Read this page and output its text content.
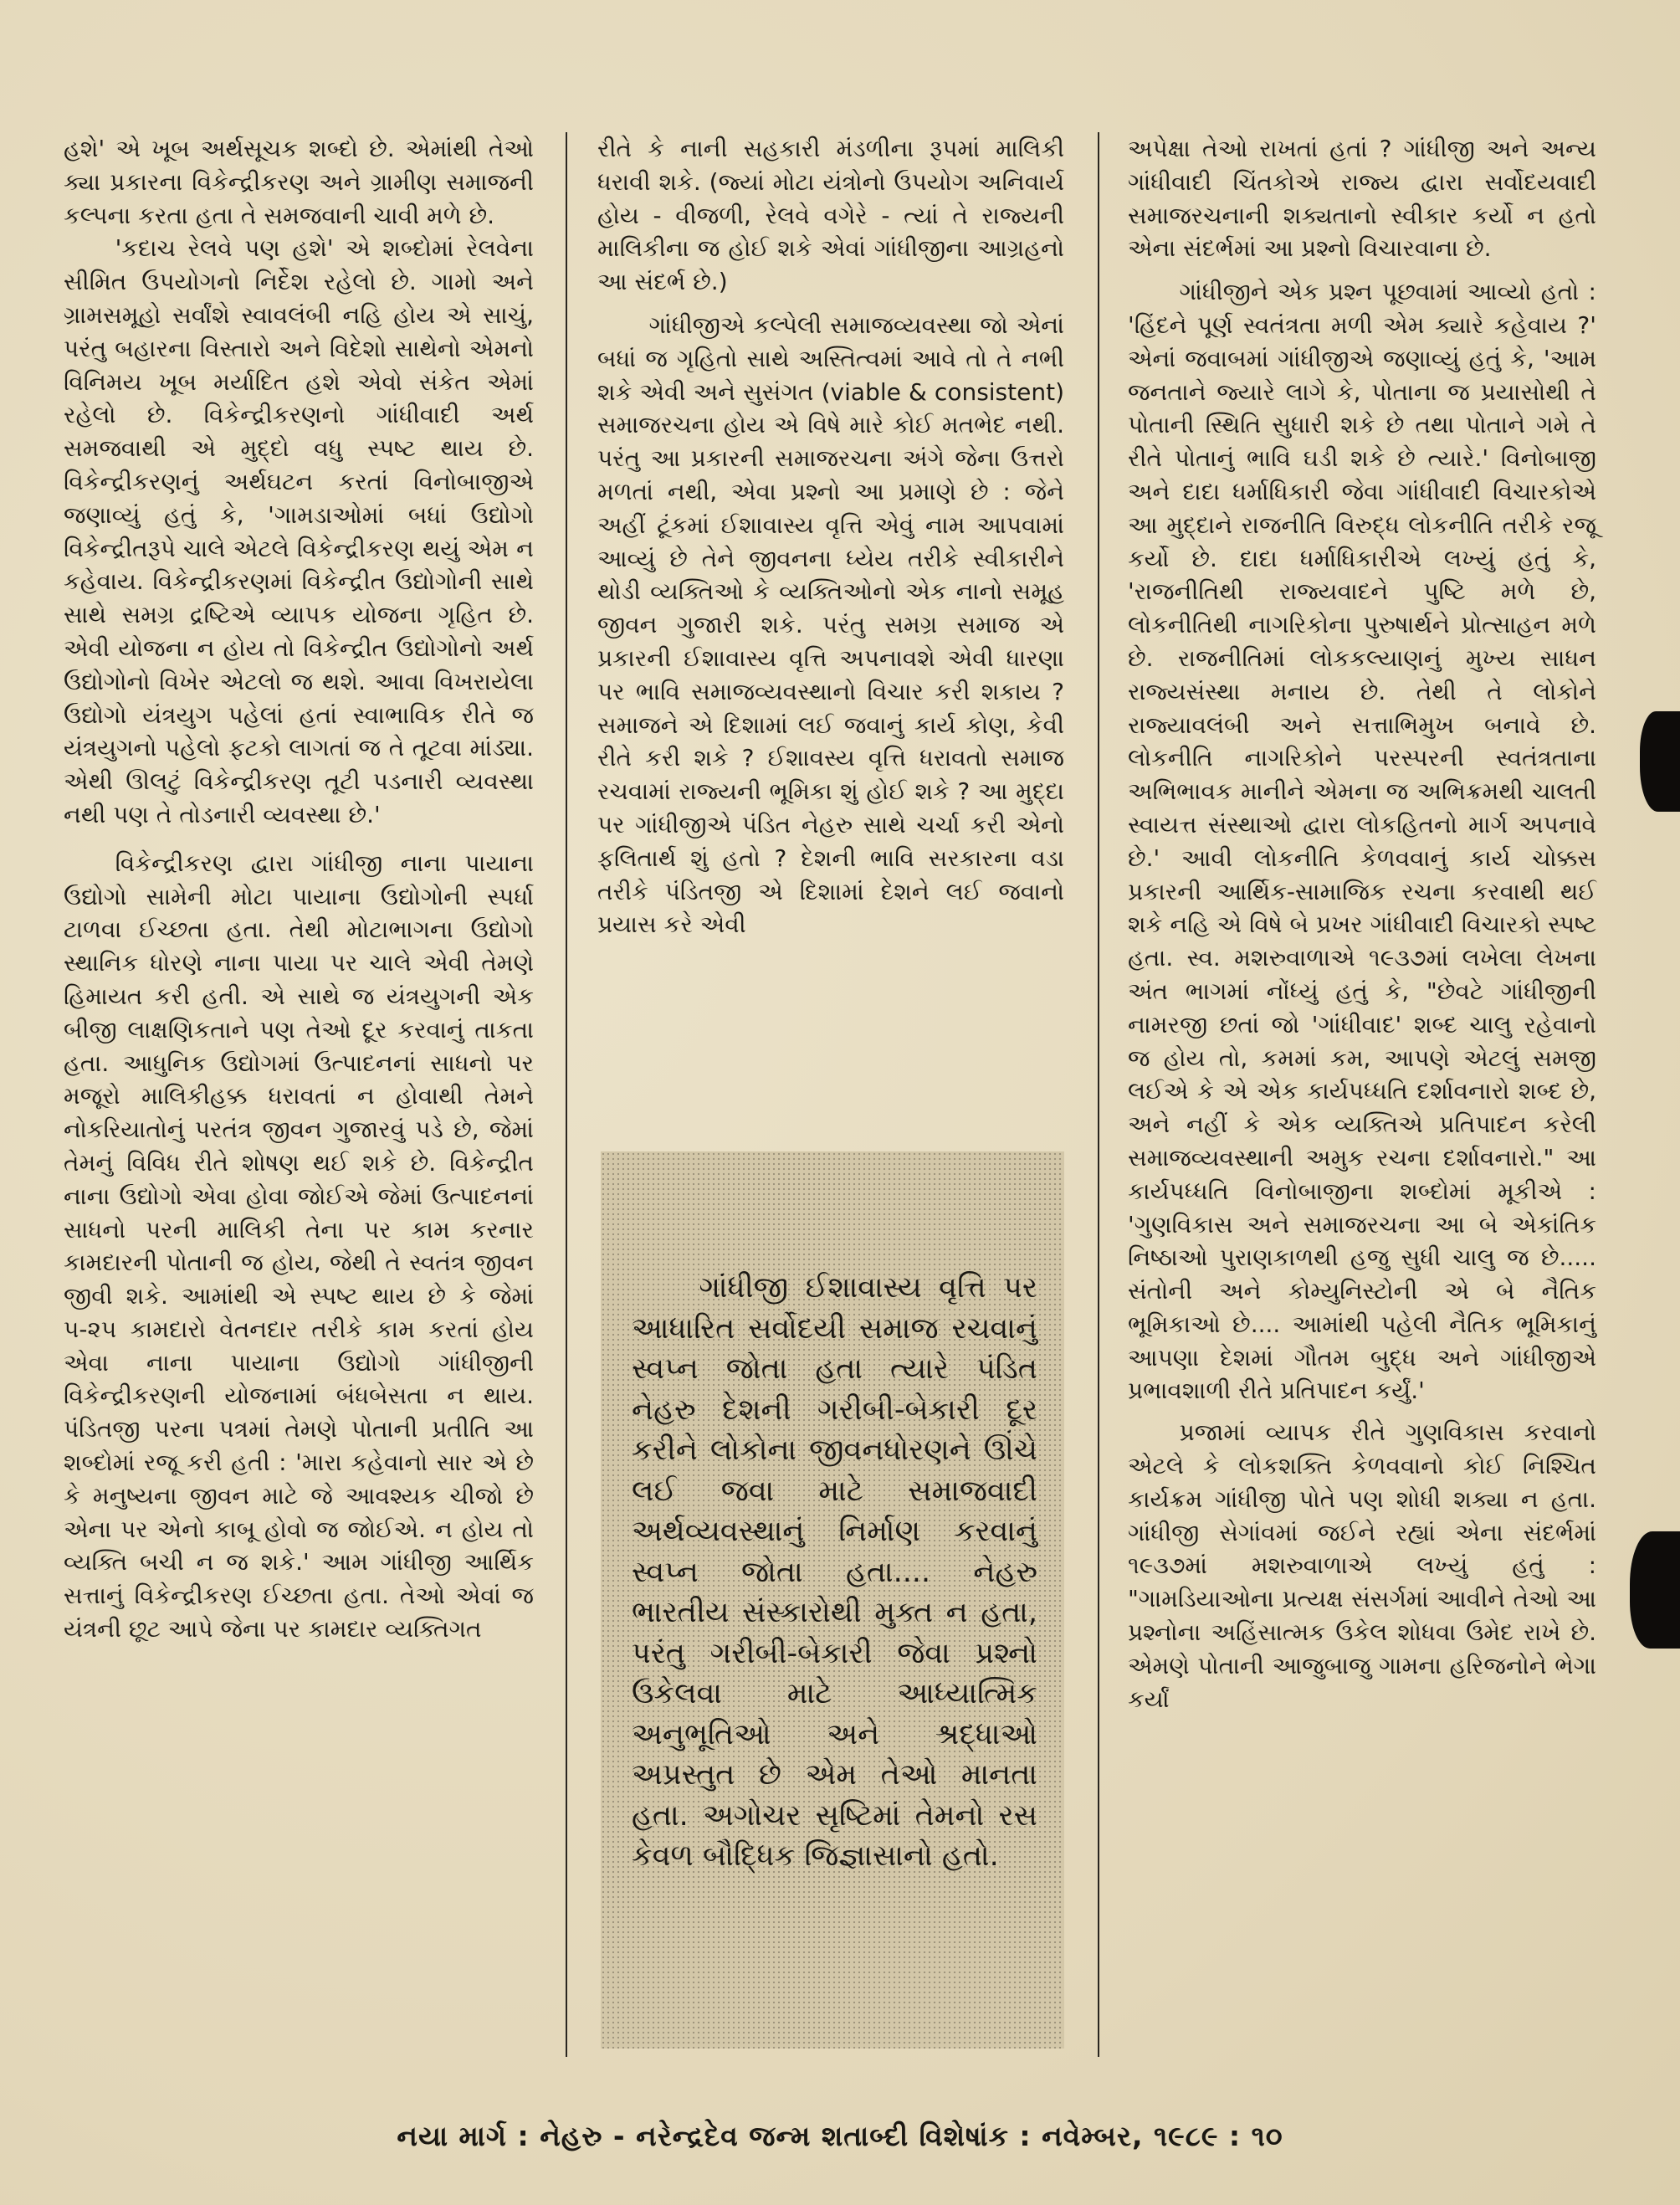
હશે' એ ખૂબ અર્થસૂચક શબ્દો છે. એમાંથી તેઓ ક્યા પ્રકારના વિકેન્દ્રીકરણ અને ગ્રામીણ સમાજની કલ્પના કરતા હતા તે સમજવાની ચાવી મળે છે.

'કદાચ રેલવે પણ હશે' એ શબ્દોમાં રેલવેના સીમિત ઉપયોગનો નિર્દેશ રહેલો છે. ગામો અને ગ્રામસમૂહો સર્વાંશે સ્વાવલંબી નહિ હોય એ સાચું, પરંતુ બહારના વિસ્તારો અને વિદેશો સાથેનો એમનો વિનિમય ખૂબ મર્યાદિત હશે એવો સંકેત એમાં રહેલો છે. વિકેન્દ્રીકરણનો ગાંધીવાદી અર્થ સમજવાથી એ મુદ્દો વધુ સ્પષ્ટ થાય છે. વિકેન્દ્રીકરણનું અર્થઘટન કરતાં વિનોબાજીએ જણાવ્યું હતું કે, 'ગામડાઓમાં બધાં ઉદ્યોગો વિકેન્દ્રીતરૂપે ચાલે એટલે વિકેન્દ્રીકરણ થયું એમ ન કહેવાય. વિકેન્દ્રીકરણમાં વિકેન્દ્રીત ઉદ્યોગોની સાથે સાથે સમગ્ર દ્રષ્ટિએ વ્યાપક યોજના ગૃહિત છે. એવી યોજના ન હોય તો વિકેન્દ્રીત ઉદ્યોગોનો અર્થ ઉદ્યોગોનો વિખેર એટલો જ થશે. આવા વિખરાયેલા ઉદ્યોગો યંત્રયુગ પહેલાં હતાં સ્વાભાવિક રીતે જ યંત્રયુગનો પહેલો ફટકો લાગતાં જ તે તૂટવા માંડ્યા. એથી ઊલટું વિકેન્દ્રીકરણ તૂટી પડનારી વ્યવસ્થા નથી પણ તે તોડનારી વ્યવસ્થા છે.'

વિકેન્દ્રીકરણ દ્વારા ગાંધીજી નાના પાયાના ઉદ્યોગો સામેની મોટા પાયાના ઉદ્યોગોની સ્પર્ધા ટાળવા ઈચ્છતા હતા. તેથી મોટાભાગના ઉદ્યોગો સ્થાનિક ધોરણે નાના પાયા પર ચાલે એવી તેમણે હિમાયત કરી હતી. એ સાથે જ યંત્રયુગની એક બીજી લાક્ષણિકતાને પણ તેઓ દૂર કરવાનું તાકતા હતા. આધુનિક ઉદ્યોગમાં ઉત્પાદનનાં સાધનો પર મજૂરો માલિકીહક્ક ધરાવતાં ન હોવાથી તેમને નોકરિયાતોનું પરતંત્ર જીવન ગુજારવું પડે છે, જેમાં તેમનું વિવિધ રીતે શોષણ થઈ શકે છે. વિકેન્દ્રીત નાના ઉદ્યોગો એવા હોવા જોઈએ જેમાં ઉત્પાદનનાં સાધનો પરની માલિકી તેના પર કામ કરનાર કામદારની પોતાની જ હોય, જેથી તે સ્વતંત્ર જીવન જીવી શકે. આમાંથી એ સ્પષ્ટ થાય છે કે જેમાં ૫-૨૫ કામદારો વેતનદાર તરીકે કામ કરતાં હોય એવા નાના પાયાના ઉદ્યોગો ગાંધીજીની વિકેન્દ્રીકરણની યોજનામાં બંધબેસતા ન થાય. પંડિતજી પરના પત્રમાં તેમણે પોતાની પ્રતીતિ આ શબ્દોમાં રજૂ કરી હતી : 'મારા કહેવાનો સાર એ છે કે મનુષ્યના જીવન માટે જે આવશ્યક ચીજો છે એના પર એનો કાબૂ હોવો જ જોઈએ. ન હોય તો વ્યક્તિ બચી ન જ શકે.' આમ ગાંધીજી આર્થિક સત્તાનું વિકેન્દ્રીકરણ ઈચ્છતા હતા. તેઓ એવાં જ યંત્રની છૂટ આપે જેના પર કામદાર વ્યક્તિગત

રીતે કે નાની સહકારી મંડળીના રૂપમાં માલિકી ધરાવી શકે. (જ્યાં મોટા યંત્રોનો ઉપયોગ અનિવાર્ય હોય - વીજળી, રેલવે વગેરે - ત્યાં તે રાજ્યની માલિકીના જ હોઈ શકે એવાં ગાંધીજીના આગ્રહનો આ સંદર્ભ છે.)

ગાંધીજીએ કલ્પેલી સમાજવ્યવસ્થા જો એનાં બધાં જ ગૃહિતો સાથે અસ્તિત્વમાં આવે તો તે નભી શકે એવી અને સુસંગત (viable & consistent) સમાજરચના હોય એ વિષે મારે કોઈ મતભેદ નથી. પરંતુ આ પ્રકારની સમાજરચના અંગે જેના ઉત્તરો મળતાં નથી, એવા પ્રશ્નો આ પ્રમાણે છે : જેને અહીં ટૂંકમાં ઈશાવાસ્ય વૃત્તિ એવું નામ આપવામાં આવ્યું છે તેને જીવનના ધ્યેય તરીકે સ્વીકારીને થોડી વ્યક્તિઓ કે વ્યક્તિઓનો એક નાનો સમૂહ જીવન ગુજારી શકે. પરંતુ સમગ્ર સમાજ એ પ્રકારની ઈશાવાસ્ય વૃત્તિ અપનાવશે એવી ધારણા પર ભાવિ સમાજવ્યવસ્થાનો વિચાર કરી શકાય ? સમાજને એ દિશામાં લઈ જવાનું કાર્ય કોણ, કેવી રીતે કરી શકે ? ઈશાવસ્ય વૃત્તિ ધરાવતો સમાજ રચવામાં રાજ્યની ભૂમિકા શું હોઈ શકે ? આ મુદ્દા પર ગાંધીજીએ પંડિત નેહરુ સાથે ચર્ચા કરી એનો ફલિતાર્થ શું હતો ? દેશની ભાવિ સરકારના વડા તરીકે પંડિતજી એ દિશામાં દેશને લઈ જવાનો પ્રયાસ કરે એવી

ગાંધીજી ઈશાવાસ્ય વૃત્તિ પર આધારિત સર્વોદયી સમાજ રચવાનું સ્વપ્ન જોતા હતા ત્યારે પંડિત નેહરુ દેશની ગરીબી-બેકારી દૂર કરીને લોકોના જીવનધોરણને ઊંચે લઈ જવા માટે સમાજવાદી અર્થવ્યવસ્થાનું નિર્માણ કરવાનું સ્વપ્ન જોતા હતા.... નેહરુ ભારતીય સંસ્કારોથી મુક્ત ન હતા, પરંતુ ગરીબી-બેકારી જેવા પ્રશ્નો ઉકેલવા માટે આધ્યાત્મિક અનુભૂતિઓ અને શ્રદ્ધાઓ અપ્રસ્તુત છે એમ તેઓ માનતા હતા. અગોચર સૃષ્ટિમાં તેમનો રસ કેવળ બૌદ્ધિક જિજ્ઞાસાનો હતો.

અપેક્ષા તેઓ રાખતાં હતાં ? ગાંધીજી અને અન્ય ગાંધીવાદી ચિંતકોએ રાજ્ય દ્વારા સર્વોદયવાદી સમાજરચનાની શક્યતાનો સ્વીકાર કર્યો ન હતો એના સંદર્ભમાં આ પ્રશ્નો વિચારવાના છે.

ગાંધીજીને એક પ્રશ્ન પૂછવામાં આવ્યો હતો : 'હિંદને પૂર્ણ સ્વતંત્રતા મળી એમ ક્યારે કહેવાય ?' એનાં જવાબમાં ગાંધીજીએ જણાવ્યું હતું કે, 'આમ જનતાને જ્યારે લાગે કે, પોતાના જ પ્રયાસોથી તે પોતાની સ્થિતિ સુધારી શકે છે તથા પોતાને ગમે તે રીતે પોતાનું ભાવિ ઘડી શકે છે ત્યારે.' વિનોબાજી અને દાદા ધર્માધિકારી જેવા ગાંધીવાદી વિચારકોએ આ મુદ્દાને રાજનીતિ વિરુદ્ધ લોકનીતિ તરીકે રજૂ કર્યો છે. દાદા ધર્માધિકારીએ લખ્યું હતું કે, 'રાજનીતિથી રાજ્યવાદને પુષ્ટિ મળે છે, લોકનીતિથી નાગરિકોના પુરુષાર્થને પ્રોત્સાહન મળે છે. રાજનીતિમાં લોકકલ્યાણનું મુખ્ય સાધન રાજ્યસંસ્થા મનાય છે. તેથી તે લોકોને રાજ્યાવલંબી અને સત્તાભિમુખ બનાવે છે. લોકનીતિ નાગરિકોને પરસ્પરની સ્વતંત્રતાના અભિભાવક માનીને એમના જ અભિક્રમથી ચાલતી સ્વાયત્ત સંસ્થાઓ દ્વારા લોકહિતનો માર્ગ અપનાવે છે.' આવી લોકનીતિ કેળવવાનું કાર્ય ચોક્કસ પ્રકારની આર્થિક-સામાજિક રચના કરવાથી થઈ શકે નહિ એ વિષે બે પ્રખર ગાંધીવાદી વિચારકો સ્પષ્ટ હતા. સ્વ. મશરુવાળાએ ૧૯૩૭માં લખેલા લેખના અંત ભાગમાં નોંધ્યું હતું કે, "છેવટે ગાંધીજીની નામરજી છતાં જો 'ગાંધીવાદ' શબ્દ ચાલુ રહેવાનો જ હોય તો, કમમાં કમ, આપણે એટલું સમજી લઈએ કે એ એક કાર્યપધ્ધતિ દર્શાવનારો શબ્દ છે, અને નહીં કે એક વ્યક્તિએ પ્રતિપાદન કરેલી સમાજવ્યવસ્થાની અમુક રચના દર્શાવનારો." આ કાર્યપધ્ધતિ વિનોબાજીના શબ્દોમાં મૂકીએ : 'ગુણવિકાસ અને સમાજરચના આ બે એકાંતિક નિષ્ઠાઓ પુરાણકાળથી હજુ સુધી ચાલુ જ છે..... સંતોની અને કોમ્યુનિસ્ટોની એ બે નૈતિક ભૂમિકાઓ છે.... આમાંથી પહેલી નૈતિક ભૂમિકાનું આપણા દેશમાં ગૌતમ બુદ્ધ અને ગાંધીજીએ પ્રભાવશાળી રીતે પ્રતિપાદન કર્યું.'

પ્રજામાં વ્યાપક રીતે ગુણવિકાસ કરવાનો એટલે કે લોકશક્તિ કેળવવાનો કોઈ નિશ્ચિત કાર્યક્રમ ગાંધીજી પોતે પણ શોધી શક્યા ન હતા. ગાંધીજી સેગાંવમાં જઈને રહ્યાં એના સંદર્ભમાં ૧૯૩૭માં મશરુવાળાએ લખ્યું હતું : "ગામડિયાઓના પ્રત્યક્ષ સંસર્ગમાં આવીને તેઓ આ પ્રશ્નોના અહિંસાત્મક ઉકેલ શોધવા ઉમેદ રાખે છે. એમણે પોતાની આજુબાજુ ગામના હરિજનોને ભેગા કર્યાં

નયા માર્ગ : નેહરુ - નરેન્દ્રદેવ જન્મ શતાબ્દી વિશેષાંક : નવેમ્બર, ૧૯૮૯ : ૧૦
